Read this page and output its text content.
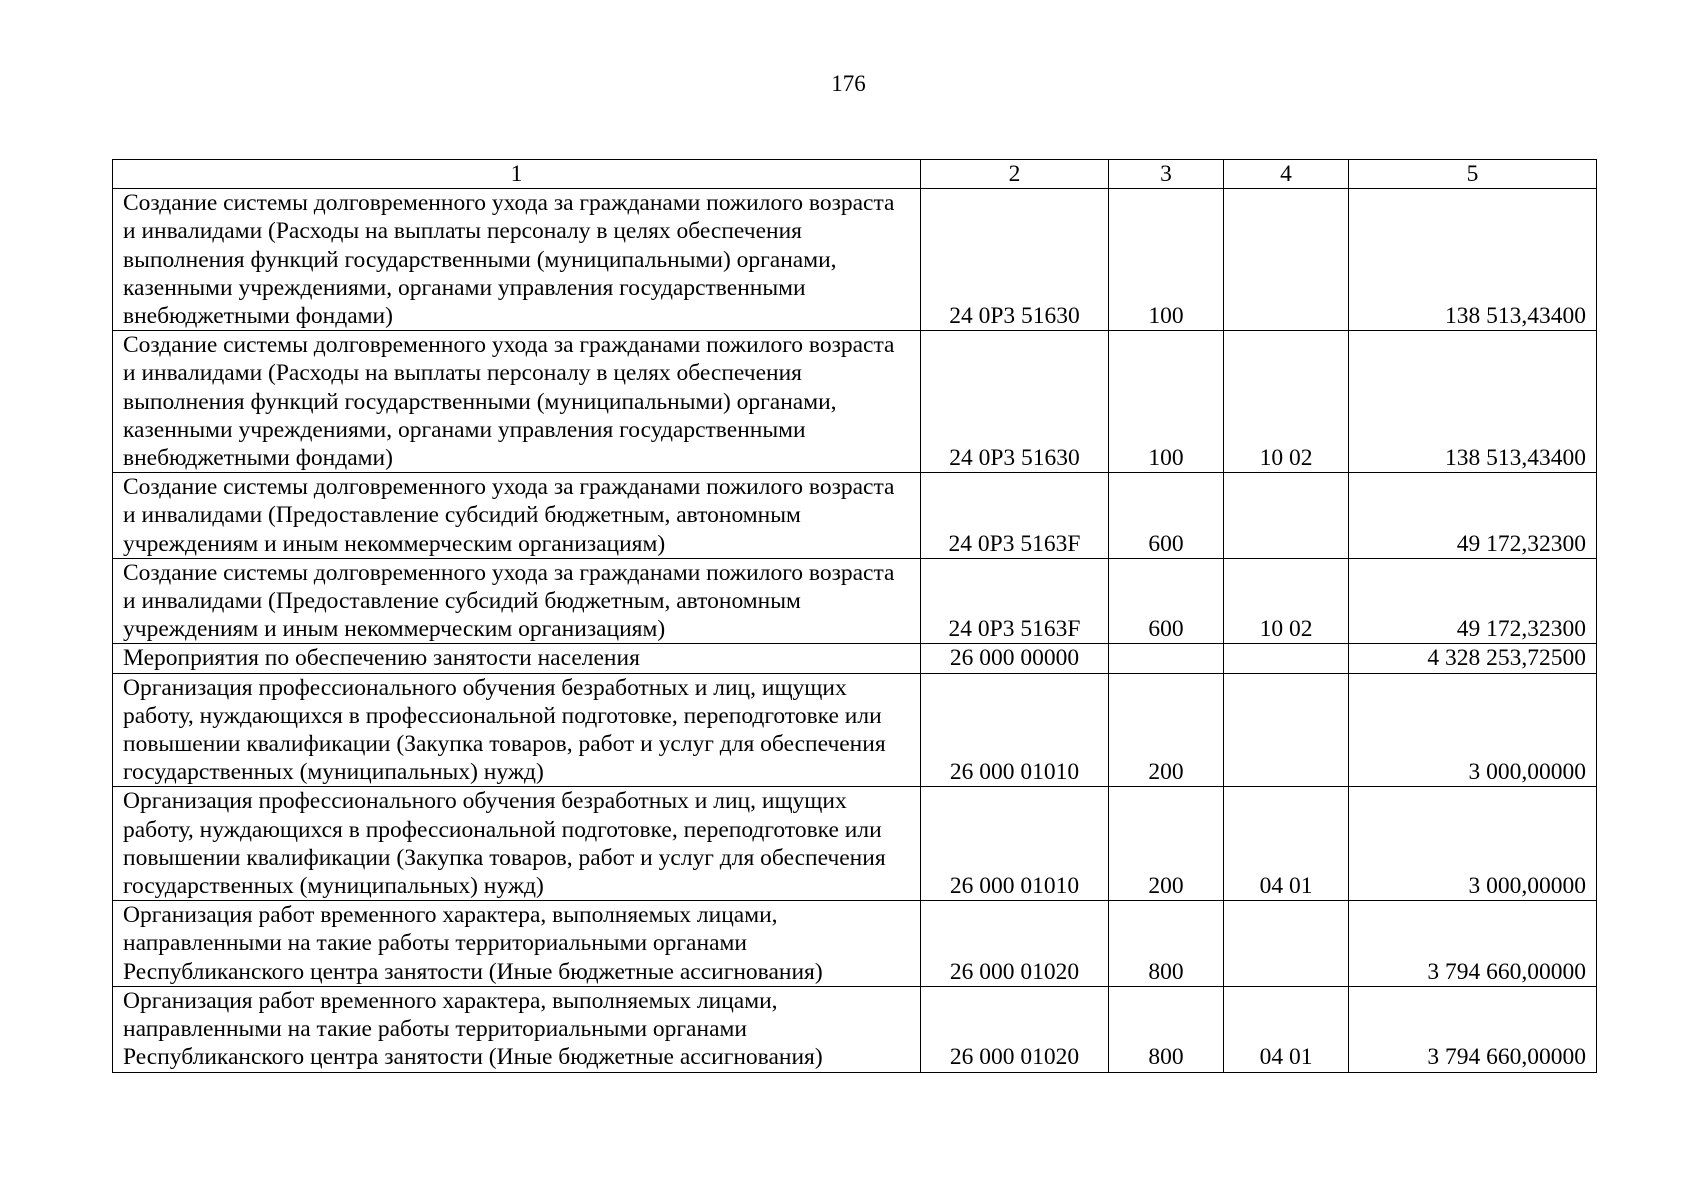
176
1	2	3	4	5
Создание системы долговременного ухода за гражданами пожилого возраста и инвалидами (Расходы на выплаты персоналу в целях обеспечения выполнения функций государственными (муниципальными) органами, казенными учреждениями, органами управления государственными внебюджетными фондами)	24 0P3 51630	100		138 513,43400
Создание системы долговременного ухода за гражданами пожилого возраста и инвалидами (Расходы на выплаты персоналу в целях обеспечения выполнения функций государственными (муниципальными) органами, казенными учреждениями, органами управления государственными внебюджетными фондами)	24 0P3 51630	100	10 02	138 513,43400
Создание системы долговременного ухода за гражданами пожилого возраста и инвалидами (Предоставление субсидий бюджетным, автономным учреждениям и иным некоммерческим организациям)	24 0P3 5163F	600		49 172,32300
Создание системы долговременного ухода за гражданами пожилого возраста и инвалидами (Предоставление субсидий бюджетным, автономным учреждениям и иным некоммерческим организациям)	24 0P3 5163F	600	10 02	49 172,32300
Мероприятия по обеспечению занятости населения	26 000 00000			4 328 253,72500
Организация профессионального обучения безработных и лиц, ищущих работу, нуждающихся в профессиональной подготовке, переподготовке или повышении квалификации (Закупка товаров, работ и услуг для обеспечения государственных (муниципальных) нужд)	26 000 01010	200		3 000,00000
Организация профессионального обучения безработных и лиц, ищущих работу, нуждающихся в профессиональной подготовке, переподготовке или повышении квалификации (Закупка товаров, работ и услуг для обеспечения государственных (муниципальных) нужд)	26 000 01010	200	04 01	3 000,00000
Организация работ временного характера, выполняемых лицами, направленными на такие работы территориальными органами Республиканского центра занятости (Иные бюджетные ассигнования)	26 000 01020	800		3 794 660,00000
Организация работ временного характера, выполняемых лицами, направленными на такие работы территориальными органами Республиканского центра занятости (Иные бюджетные ассигнования)	26 000 01020	800	04 01	3 794 660,00000
